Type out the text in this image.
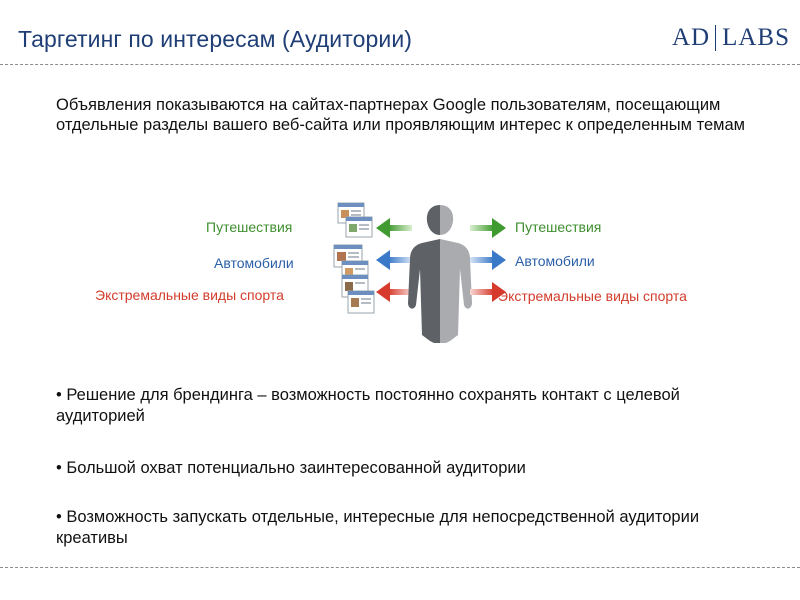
Таргетинг по интересам (Аудитории)	AD LABS
Объявления показываются на сайтах-партнерах Google пользователям, посещающим отдельные разделы вашего веб-сайта или проявляющим интерес к определенным темам
Путешествия
Автомобили
Экстремальные виды спорта
Путешествия
Автомобили
Экстремальные виды спорта
• Решение для брендинга – возможность постоянно сохранять контакт с целевой аудиторией
• Большой охват потенциально заинтересованной аудитории
• Возможность запускать отдельные, интересные для непосредственной аудитории креативы
